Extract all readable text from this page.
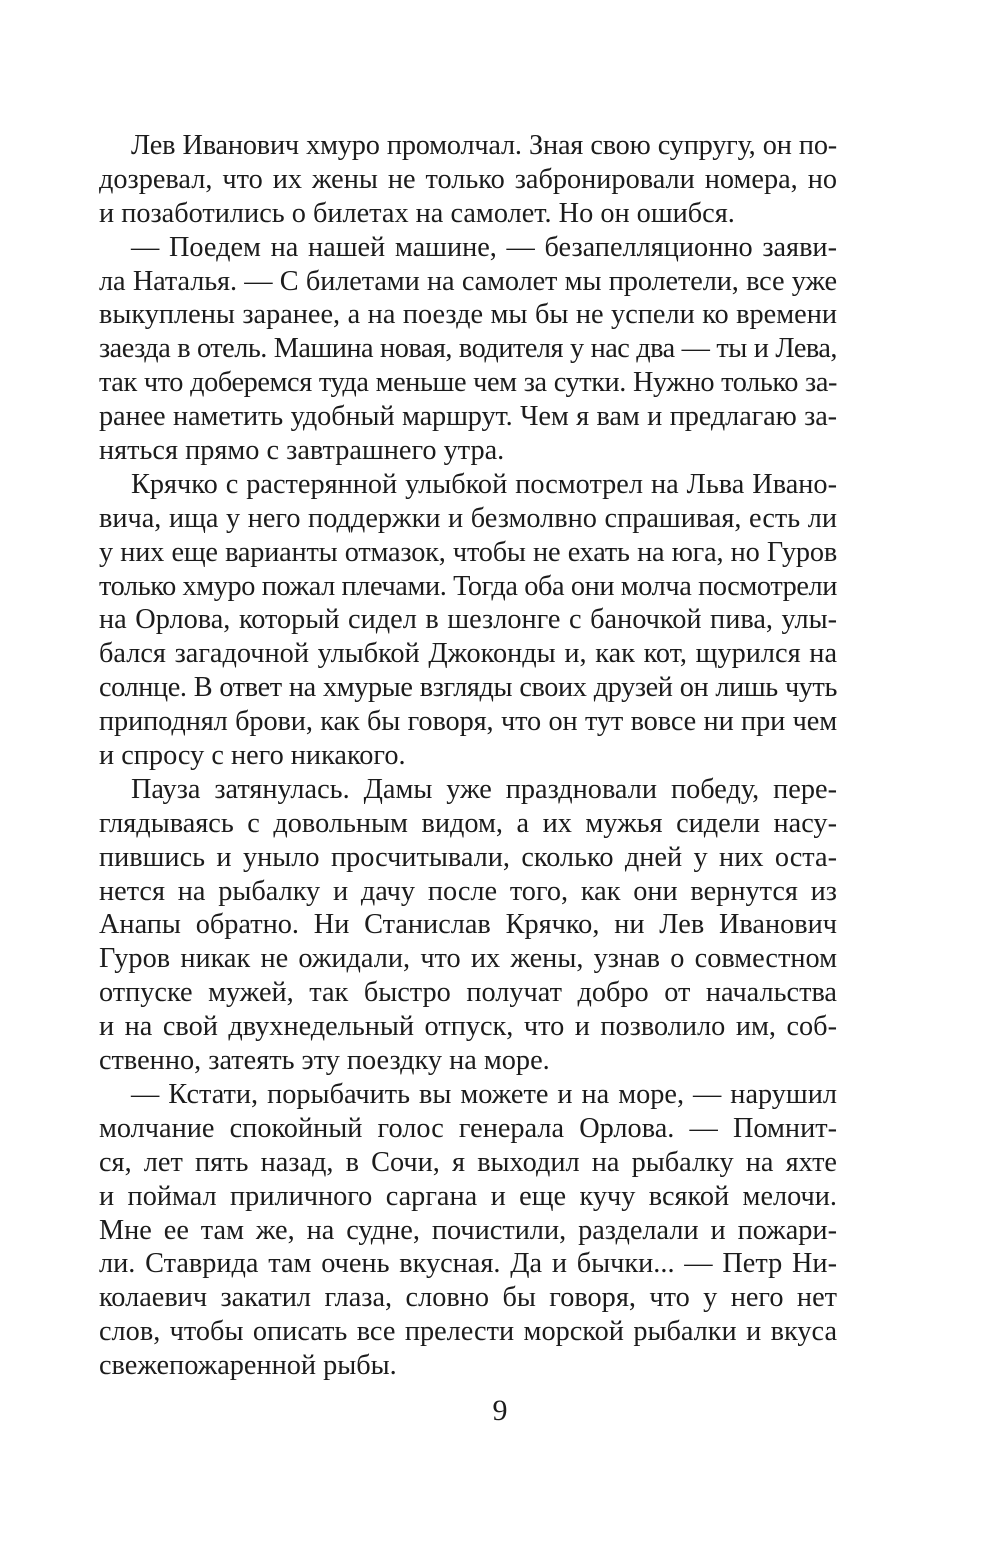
Лев Иванович хмуро промолчал. Зная свою супругу, он по-
дозревал, что их жены не только забронировали номера, но
и позаботились о билетах на самолет. Но он ошибся.
— Поедем на нашей машине, — безапелляционно заяви-
ла Наталья. — С билетами на самолет мы пролетели, все уже
выкуплены заранее, а на поезде мы бы не успели ко времени
заезда в отель. Машина новая, водителя у нас два — ты и Лева,
так что доберемся туда меньше чем за сутки. Нужно только за-
ранее наметить удобный маршрут. Чем я вам и предлагаю за-
няться прямо с завтрашнего утра.
Крячко с растерянной улыбкой посмотрел на Льва Ивано-
вича, ища у него поддержки и безмолвно спрашивая, есть ли
у них еще варианты отмазок, чтобы не ехать на юга, но Гуров
только хмуро пожал плечами. Тогда оба они молча посмотрели
на Орлова, который сидел в шезлонге с баночкой пива, улы-
бался загадочной улыбкой Джоконды и, как кот, щурился на
солнце. В ответ на хмурые взгляды своих друзей он лишь чуть
приподнял брови, как бы говоря, что он тут вовсе ни при чем
и спросу с него никакого.
Пауза затянулась. Дамы уже праздновали победу, пере-
глядываясь с довольным видом, а их мужья сидели насу-
пившись и уныло просчитывали, сколько дней у них оста-
нется на рыбалку и дачу после того, как они вернутся из
Анапы обратно. Ни Станислав Крячко, ни Лев Иванович
Гуров никак не ожидали, что их жены, узнав о совместном
отпуске мужей, так быстро получат добро от начальства
и на свой двухнедельный отпуск, что и позволило им, соб-
ственно, затеять эту поездку на море.
— Кстати, порыбачить вы можете и на море, — нарушил
молчание спокойный голос генерала Орлова. — Помнит-
ся, лет пять назад, в Сочи, я выходил на рыбалку на яхте
и поймал приличного саргана и еще кучу всякой мелочи.
Мне ее там же, на судне, почистили, разделали и пожари-
ли. Ставрида там очень вкусная. Да и бычки... — Петр Ни-
колаевич закатил глаза, словно бы говоря, что у него нет
слов, чтобы описать все прелести морской рыбалки и вкуса
свежепожаренной рыбы.
9
